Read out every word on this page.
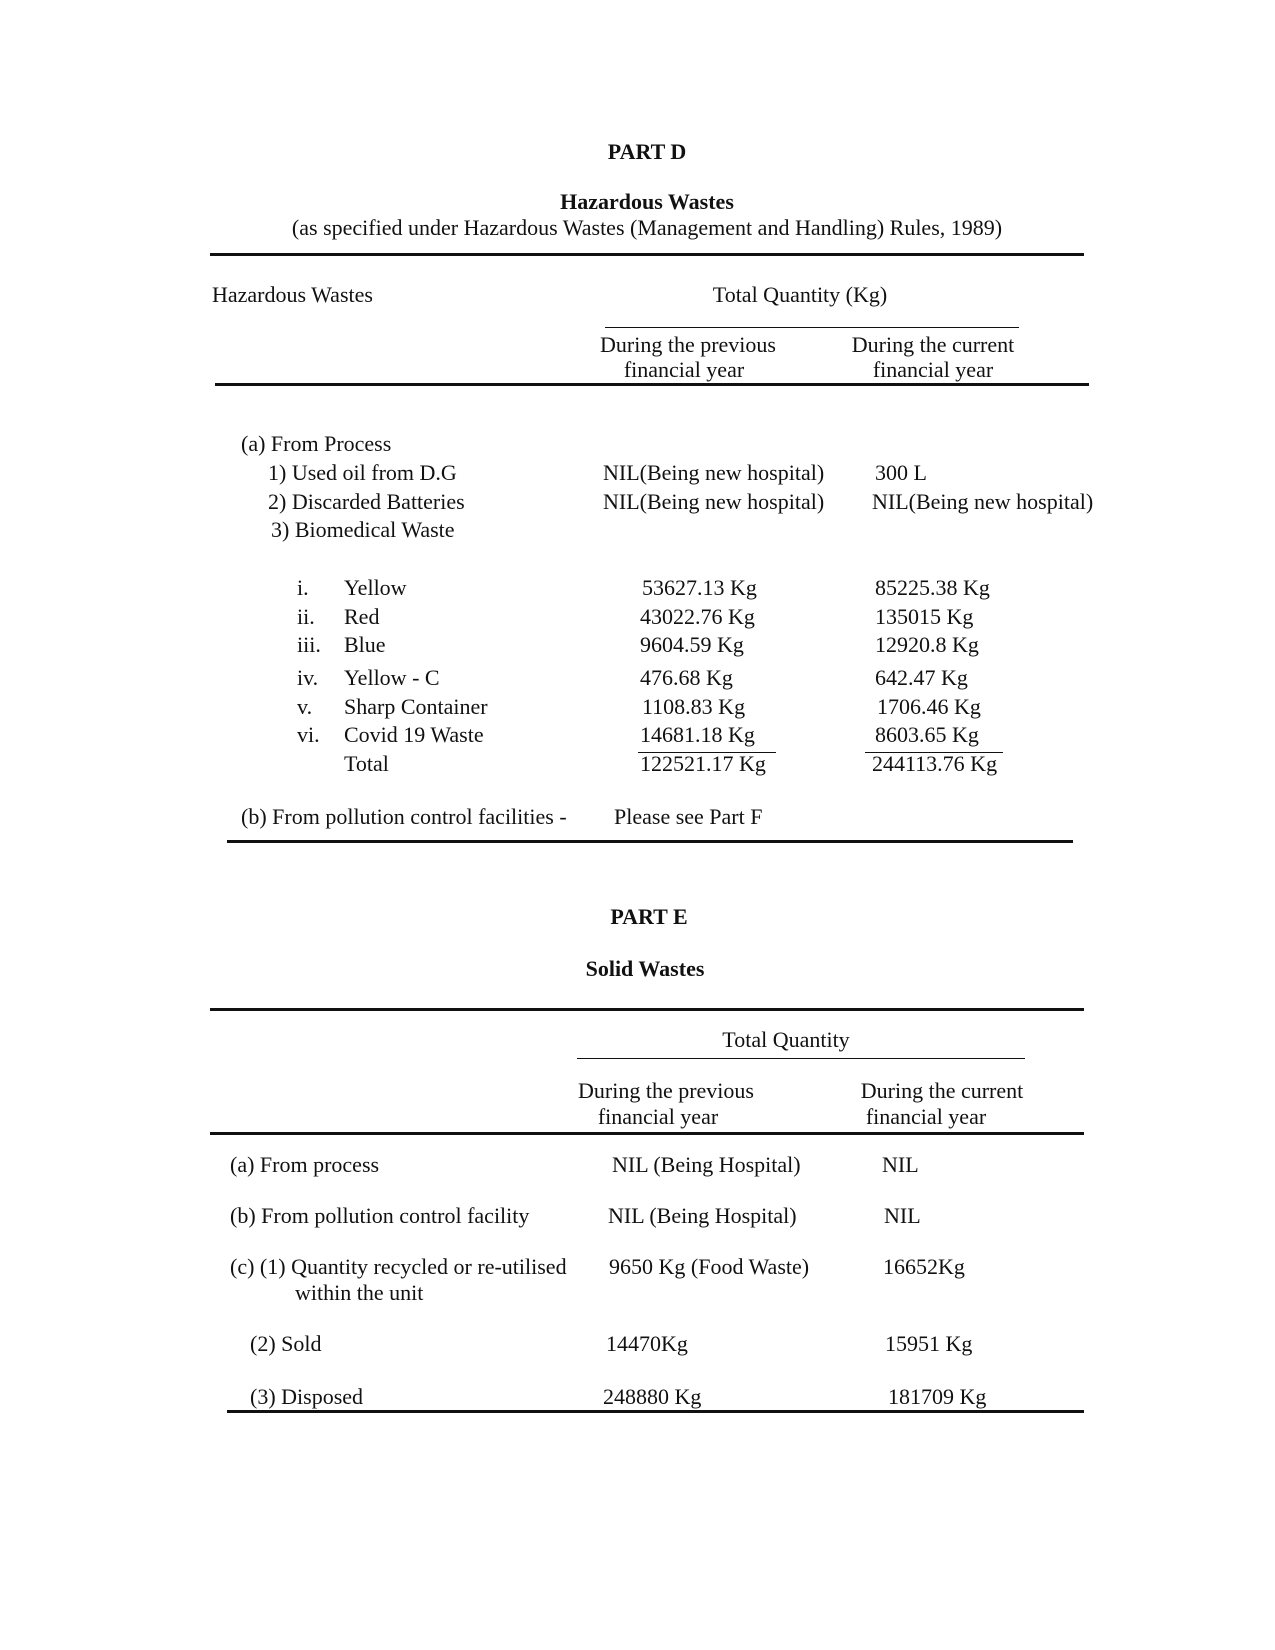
PART D
Hazardous Wastes
(as specified under Hazardous Wastes (Management and Handling) Rules, 1989)
Hazardous Wastes	Total Quantity (Kg)
During the previous
financial year
During the current
financial year
(a) From Process
1) Used oil from D.G	NIL(Being new hospital) 300 L
2) Discarded Batteries	NIL(Being new hospital) NIL(Being new hospital)
3) Biomedical Waste
i. Yellow	53627.13 Kg	85225.38 Kg
ii. Red	43022.76 Kg	135015 Kg
iii. Blue	9604.59 Kg	12920.8 Kg
iv. Yellow - C	476.68 Kg	642.47 Kg
v. Sharp Container	1108.83 Kg	1706.46 Kg
vi. Covid 19 Waste	14681.18 Kg	8603.65 Kg
Total	122521.17 Kg	244113.76 Kg
(b) From pollution control facilities - Please see Part F
PART E
Solid Wastes
Total Quantity
During the previous
financial year
During the current
financial year
(a) From process	NIL (Being Hospital)	NIL
(b) From pollution control facility	NIL (Being Hospital)	NIL
(c) (1) Quantity recycled or re-utilised
within the unit
9650 Kg (Food Waste)	16652Kg
(2) Sold	14470Kg	15951 Kg
(3) Disposed	248880 Kg	181709 Kg
